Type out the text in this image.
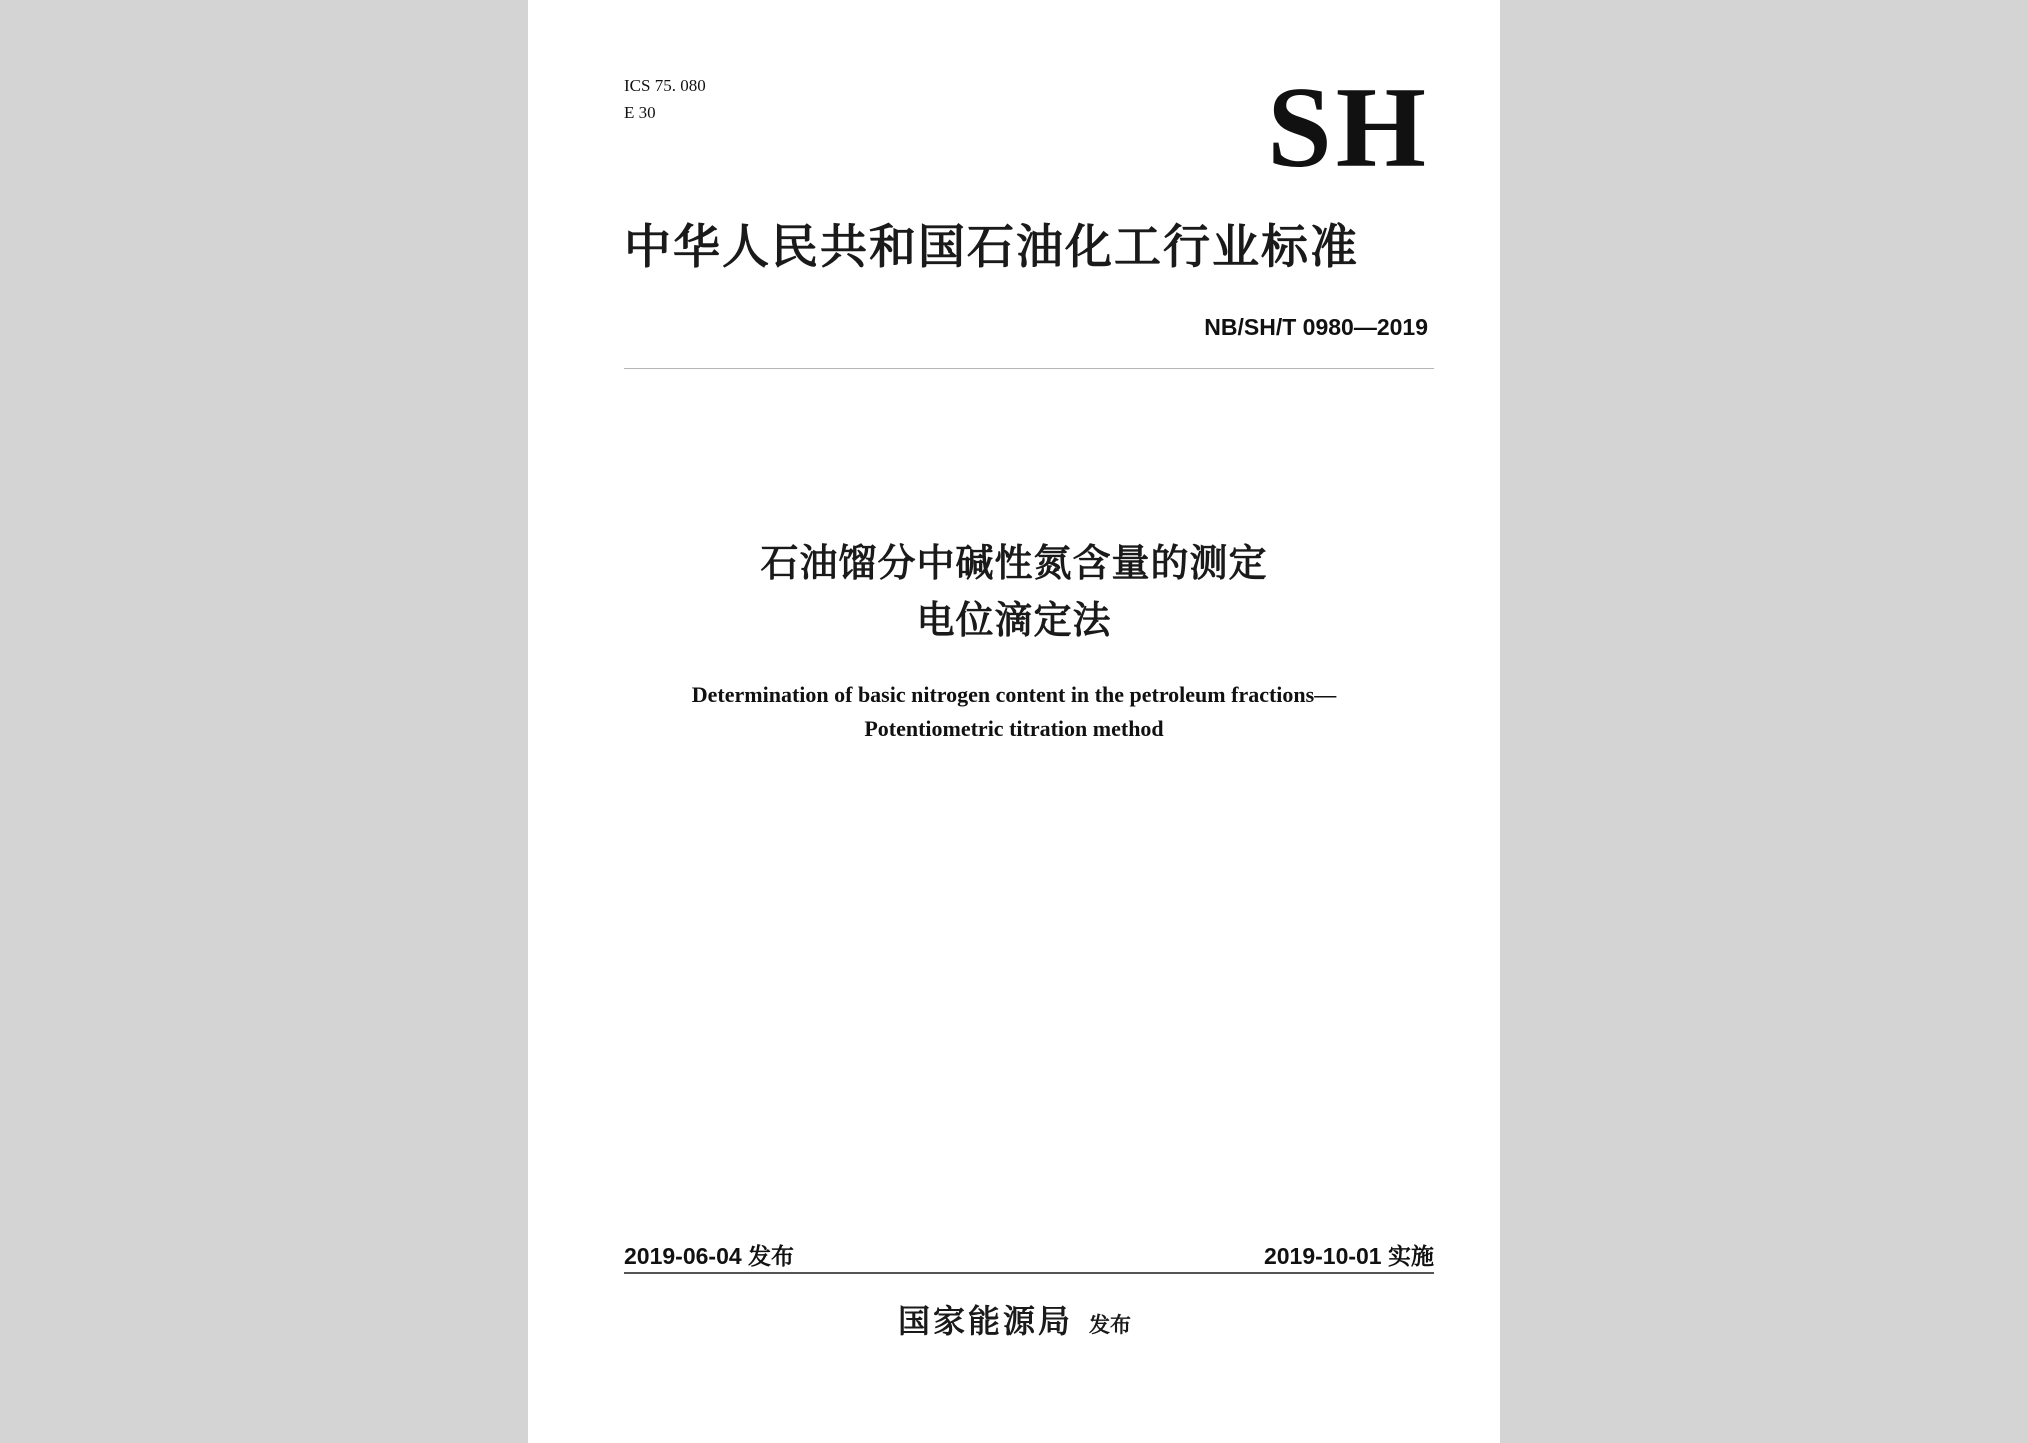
ICS 75. 080
E 30	SH
中华人民共和国石油化工行业标准
NB/SH/T 0980—2019
石油馏分中碱性氮含量的测定
电位滴定法
Determination of basic nitrogen content in the petroleum fractions—
Potentiometric titration method
2019-06-04 发布	2019-10-01 实施
国家能源局 发布
